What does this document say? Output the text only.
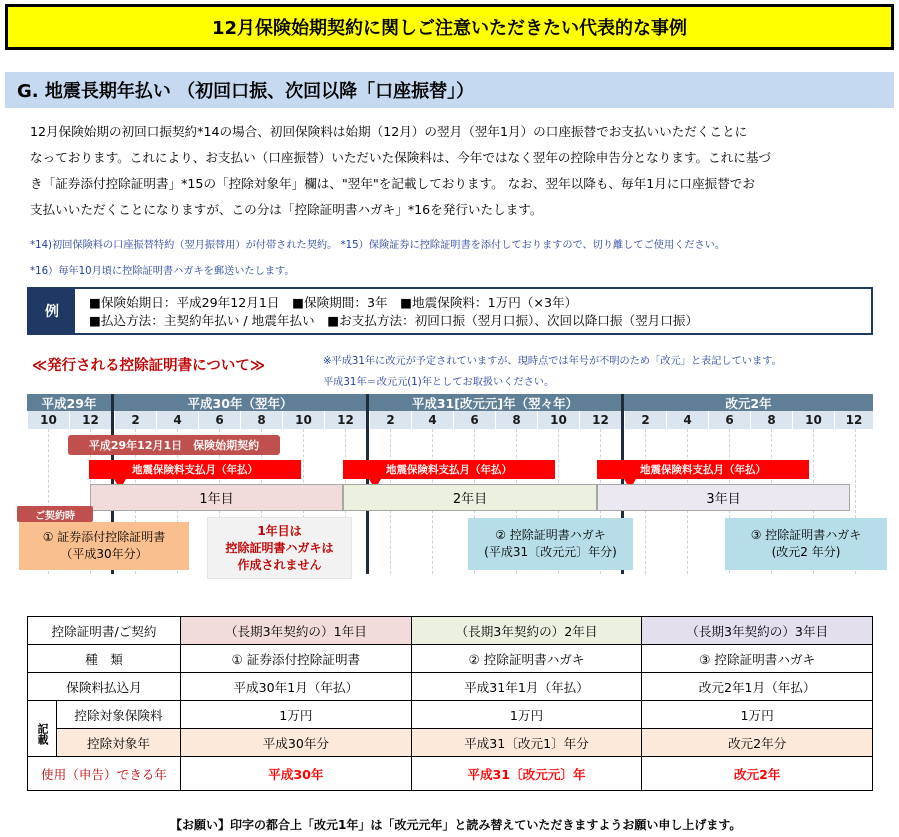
12月保険始期契約に関しご注意いただきたい代表的な事例
G. 地震長期年払い （初回口振、次回以降「口座振替」）
12月保険始期の初回口振契約*14の場合、初回保険料は始期（12月）の翌月（翌年1月）の口座振替でお支払いいただくことに
なっております。これにより、お支払い（口座振替）いただいた保険料は、今年ではなく翌年の控除申告分となります。これに基づ
き「証券添付控除証明書」*15の「控除対象年」欄は、"翌年"を記載しております。 なお、翌年以降も、毎年1月に口座振替でお
支払いいただくことになりますが、この分は「控除証明書ハガキ」*16を発行いたします。
*14)初回保険料の口座振替特約（翌月振替用）が付帯された契約。 *15）保険証券に控除証明書を添付しておりますので、切り離してご使用ください。
*16）毎年10月頃に控除証明書ハガキを郵送いたします。
例
■保険始期日：平成29年12月1日　■保険期間：3年　■地震保険料：1万円（×3年）
■払込方法：主契約年払い / 地震年払い　■お支払方法：初回口振（翌月口振）、次回以降口振（翌月口振）
≪発行される控除証明書について≫	※平成31年に改元が予定されていますが、現時点では年号が不明のため「改元」と表記しています。
平成31年＝改元元(1)年としてお取扱いください。
平成29年	平成30年（翌年）	平成31[改元元]年（翌々年）	改元2年
10	12	2	4	6	8	10	12	2	4	6	8	10	12	2	4	6	8	10	12
平成29年12月1日　保険始期契約
地震保険料支払月（年払）	地震保険料支払月（年払）	地震保険料支払月（年払）
1年目	2年目	3年目
ご契約時
① 証券添付控除証明書
（平成30年分）
1年目は
控除証明書ハガキは
作成されません
② 控除証明書ハガキ
(平成31〔改元元〕年分)
③ 控除証明書ハガキ
(改元2 年分)
控除証明書/ご契約		（長期3年契約の）1年目	（長期3年契約の）2年目	（長期3年契約の）3年目
種　類		① 証券添付控除証明書	② 控除証明書ハガキ	③ 控除証明書ハガキ
保険料払込月		平成30年1月（年払）	平成31年1月（年払）	改元2年1月（年払）
記載	控除対象保険料	1万円	1万円	1万円
	控除対象年	平成30年分	平成31〔改元1〕年分	改元2年分
使用（申告）できる年		平成30年	平成31〔改元元〕年	改元2年
【お願い】印字の都合上「改元1年」は「改元元年」と読み替えていただきますようお願い申し上げます。
